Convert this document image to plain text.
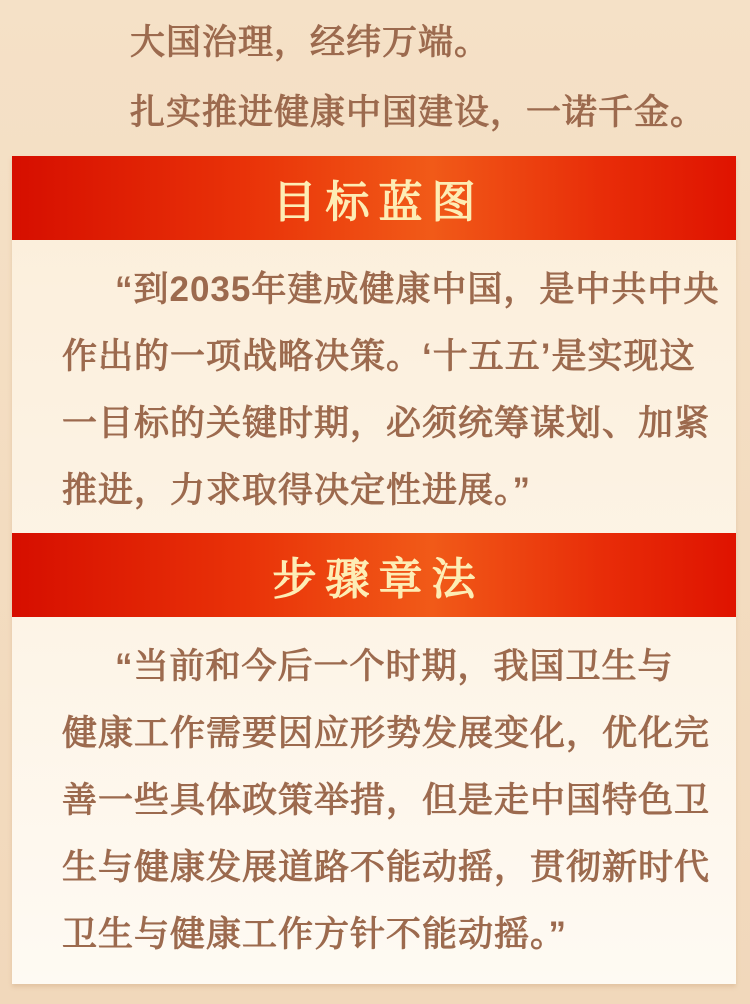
大国治理，经纬万端。

扎实推进健康中国建设，一诺千金。

目标蓝图
“到2035年建成健康中国，是中共中央
作出的一项战略决策。‘十五五’是实现这
一目标的关键时期，必须统筹谋划、加紧
推进，力求取得决定性进展。”
步骤章法
“当前和今后一个时期，我国卫生与
健康工作需要因应形势发展变化，优化完
善一些具体政策举措，但是走中国特色卫
生与健康发展道路不能动摇，贯彻新时代
卫生与健康工作方针不能动摇。”
